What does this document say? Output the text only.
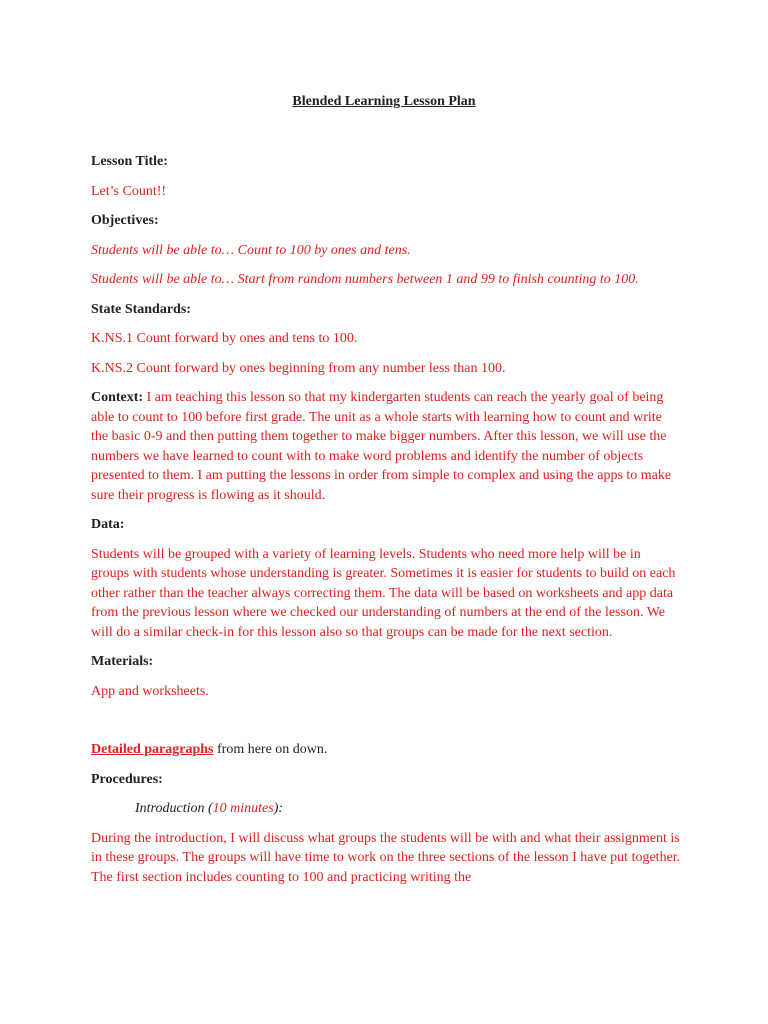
Blended Learning Lesson Plan
Lesson Title:
Let’s Count!!
Objectives:
Students will be able to… Count to 100 by ones and tens.
Students will be able to… Start from random numbers between 1 and 99 to finish counting to 100.
State Standards:
K.NS.1 Count forward by ones and tens to 100.
K.NS.2 Count forward by ones beginning from any number less than 100.
Context: I am teaching this lesson so that my kindergarten students can reach the yearly goal of being able to count to 100 before first grade. The unit as a whole starts with learning how to count and write the basic 0-9 and then putting them together to make bigger numbers. After this lesson, we will use the numbers we have learned to count with to make word problems and identify the number of objects presented to them. I am putting the lessons in order from simple to complex and using the apps to make sure their progress is flowing as it should.
Data:
Students will be grouped with a variety of learning levels. Students who need more help will be in groups with students whose understanding is greater. Sometimes it is easier for students to build on each other rather than the teacher always correcting them. The data will be based on worksheets and app data from the previous lesson where we checked our understanding of numbers at the end of the lesson. We will do a similar check-in for this lesson also so that groups can be made for the next section.
Materials:
App and worksheets.
Detailed paragraphs from here on down.
Procedures:
Introduction (10 minutes):
During the introduction, I will discuss what groups the students will be with and what their assignment is in these groups. The groups will have time to work on the three sections of the lesson I have put together. The first section includes counting to 100 and practicing writing the
